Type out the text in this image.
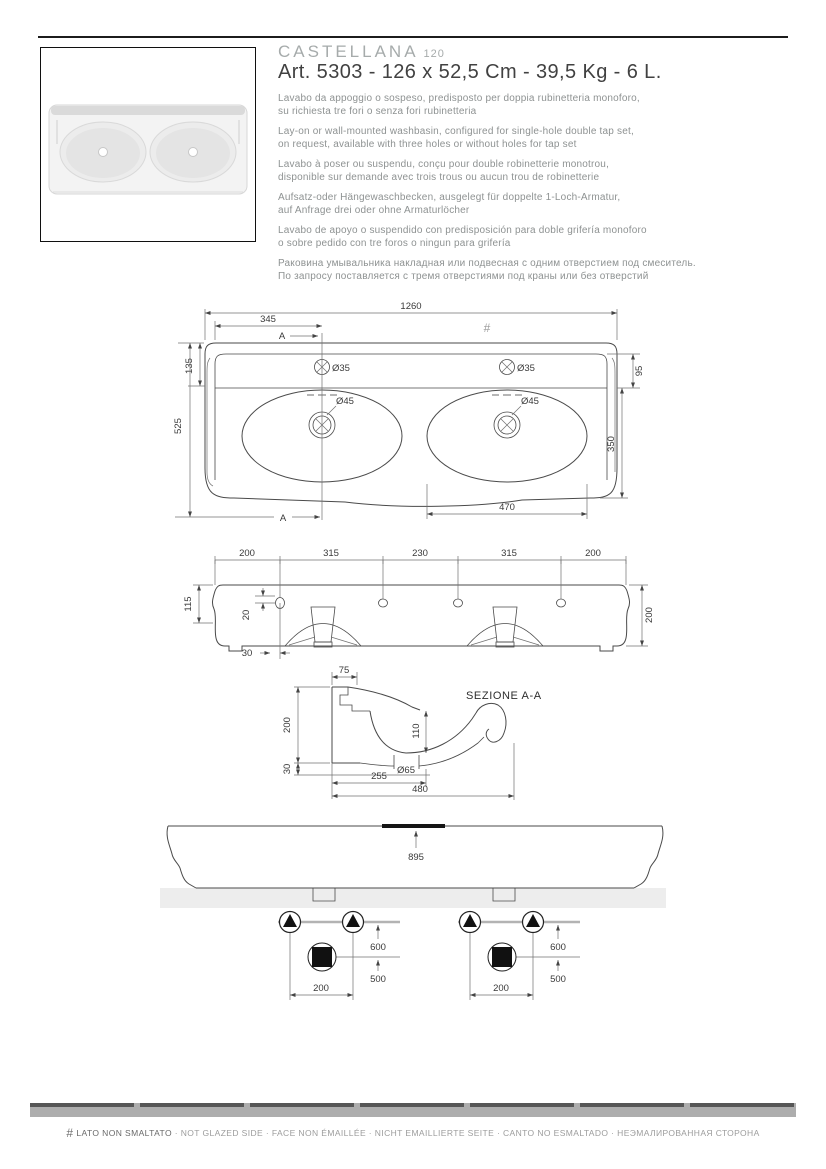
CASTELLANA 120
Art. 5303 - 126 x 52,5 Cm - 39,5 Kg - 6 L.

Lavabo da appoggio o sospeso, predisposto per doppia rubinetteria monoforo,
su richiesta tre fori o senza fori rubinetteria

Lay-on or wall-mounted washbasin, configured for single-hole double tap set,
on request, available with three holes or without holes for tap set

Lavabo à poser ou suspendu, conçu pour double robinetterie monotrou,
disponible sur demande avec trois trous ou aucun trou de robinetterie

Aufsatz-oder Hängewaschbecken, ausgelegt für doppelte 1-Loch-Armatur,
auf Anfrage drei oder ohne Armaturlöcher

Lavabo de apoyo o suspendido con predisposición para doble grifería monoforo
o sobre pedido con tre foros o ningun para grifería

Раковина умывальника накладная или подвесная с одним отверстием под смеситель.
По запросу поставляется с тремя отверстиями под краны или без отверстий

Ø35	Ø35
Ø45	Ø45
1260
345
A
#
135
525
95
350
470
A
200	315	230	315	200
115
20
30
200
SEZIONE A-A
75
200	110
30	Ø65
255
480
895
600
500
200
600
500
200
# LATO NON SMALTATO · NOT GLAZED SIDE · FACE NON ÉMAILLÉE · NICHT EMAILLIERTE SEITE · CANTO NO ESMALTADO · НЕЭМАЛИРОВАННАЯ СТОРОНА
